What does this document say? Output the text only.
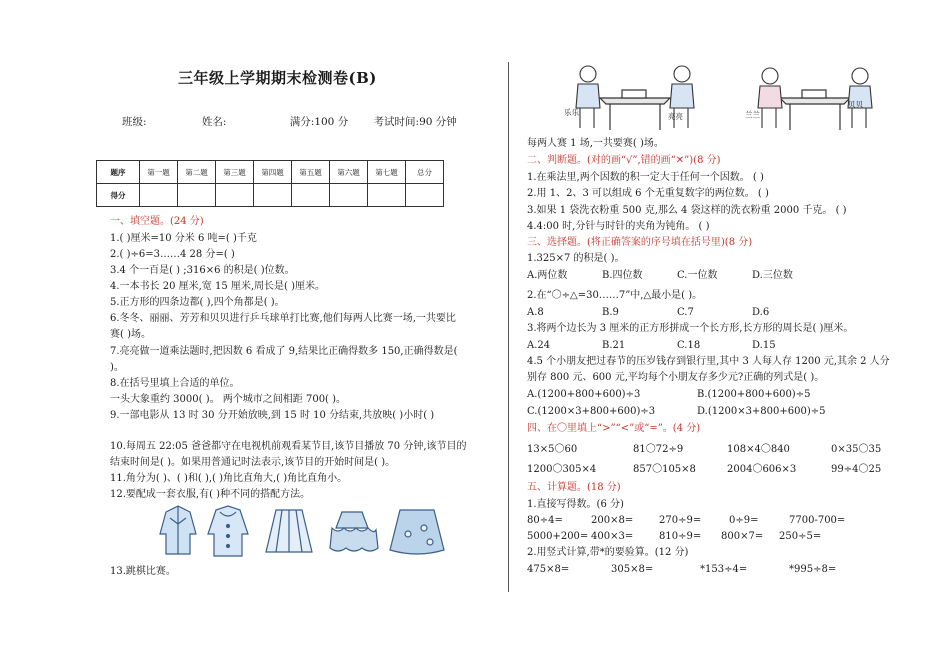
三年级上学期期末检测卷(B)
班级:	姓名:	满分:100 分 考试时间:90 分钟
题序	第一题	第二题	第三题	第四题	第五题	第六题	第七题	总分
得分								
一、填空题。(24 分)
1.( )厘米=10 分米 6 吨=( )千克
2.( )÷6=3……4 28 分=( )
3.4 个一百是( ) ;316×6 的积是( )位数。
4.一本书长 20 厘米,宽 15 厘米,周长是( )厘米。
5.正方形的四条边都( ),四个角都是( )。
6.冬冬、丽丽、芳芳和贝贝进行乒乓球单打比赛,他们每两人比赛一场,一共要比
赛( )场。
7.亮亮做一道乘法题时,把因数 6 看成了 9,结果比正确得数多 150,正确得数是(
)。
8.在括号里填上合适的单位。
一头大象重约 3000( )。 两个城市之间相距 700( )。
9.一部电影从 13 时 30 分开始放映,到 15 时 10 分结束,共放映( )小时( )
10.每周五 22:05 爸爸都守在电视机前观看某节目,该节目播放 70 分钟,该节目的
结束时间是( )。如果用普通记时法表示,该节目的开始时间是( )。
11.角分为( )、( )和( ),( )角比直角大,( )角比直角小。
12.要配成一套衣服,有( )种不同的搭配方法。
13.跳棋比赛。
乐乐	亮亮	兰兰
贝贝
每两人赛 1 场,一共要赛( )场。
二、判断题。(对的画“√”,错的画“✕”)(8 分)
1.在乘法里,两个因数的积一定大于任何一个因数。 ( )
2.用 1、2、3 可以组成 6 个无重复数字的两位数。 ( )
3.如果 1 袋洗衣粉重 500 克,那么 4 袋这样的洗衣粉重 2000 千克。 ( )
4.4:00 时,分针与时针的夹角为钝角。 ( )
三、选择题。(将正确答案的序号填在括号里)(8 分)
1.325×7 的积是( )。
A.两位数	B.四位数	C.一位数	D.三位数
2.在“〇÷△=30……7”中,△最小是( )。
A.8	B.9	C.7	D.6
3.将两个边长为 3 厘米的正方形拼成一个长方形,长方形的周长是( )厘米。
A.24	B.21	C.18	D.15
4.5 个小朋友把过春节的压岁钱存到银行里,其中 3 人每人存 1200 元,其余 2 人分
别存 800 元、600 元,平均每个小朋友存多少元?正确的列式是( )。
A.(1200+800+600)÷3	B.(1200+800+600)÷5
C.(1200×3+800+600)÷3	D.(1200×3+800+600)÷5
四、在〇里填上“>”“<”或“=”。(4 分)
13×5〇60	81〇72÷9	108×4〇840	0×35〇35
1200〇305×4	857〇105×8	2004〇606×3	99÷4〇25
五、计算题。(18 分)
1.直接写得数。(6 分)
80÷4=	200×8=	270÷9=	0÷9=	7700-700=
5000+200= 400×3=	810÷9= 800×7= 250÷5=
2.用竖式计算,带*的要验算。(12 分)
475×8=	305×8=	*153÷4=	*995÷8=
